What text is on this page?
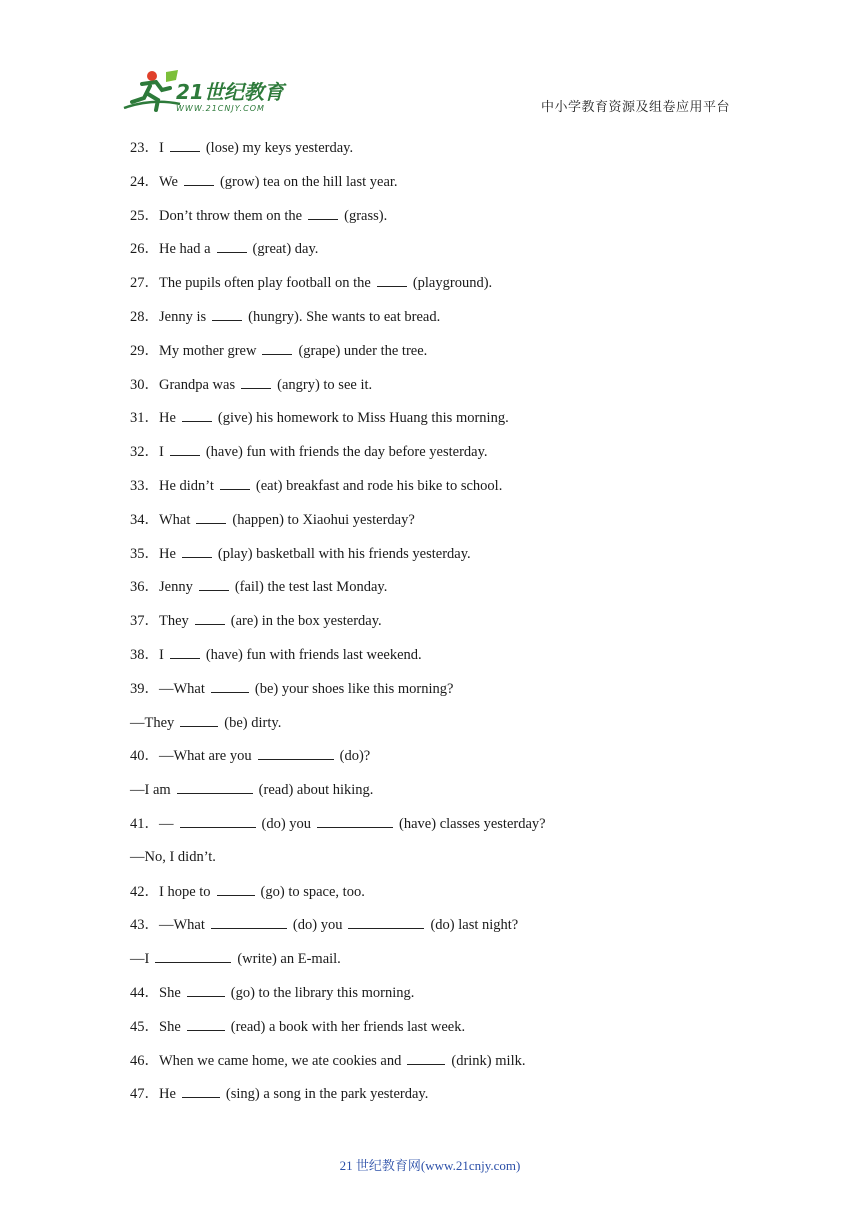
21世纪教育
WWW.21CNJY.COM	中小学教育资源及组卷应用平台
23．I	(lose) my keys yesterday.
24．We	(grow) tea on the hill last year.
25．Don’t throw them on the	(grass).
26．He had a	(great) day.
27．The pupils often play football on the	(playground).
28．Jenny is	(hungry). She wants to eat bread.
29．My mother grew	(grape) under the tree.
30．Grandpa was	(angry) to see it.
31．He	(give) his homework to Miss Huang this morning.
32．I	(have) fun with friends the day before yesterday.
33．He didn’t	(eat) breakfast and rode his bike to school.
34．What	(happen) to Xiaohui yesterday?
35．He	(play) basketball with his friends yesterday.
36．Jenny	(fail) the test last Monday.
37．They	(are) in the box yesterday.
38．I	(have) fun with friends last weekend.
39．—What	(be) your shoes like this morning?
—They	(be) dirty.
40．—What are you	(do)?
—I am	(read) about hiking.
41．—	(do) you	(have) classes yesterday?
—No, I didn’t.
42．I hope to	(go) to space, too.
43．—What	(do) you	(do) last night?
—I	(write) an E-mail.
44．She	(go) to the library this morning.
45．She	(read) a book with her friends last week.
46．When we came home, we ate cookies and	(drink) milk.
47．He	(sing) a song in the park yesterday.
21 世纪教育网(www.21cnjy.com)
